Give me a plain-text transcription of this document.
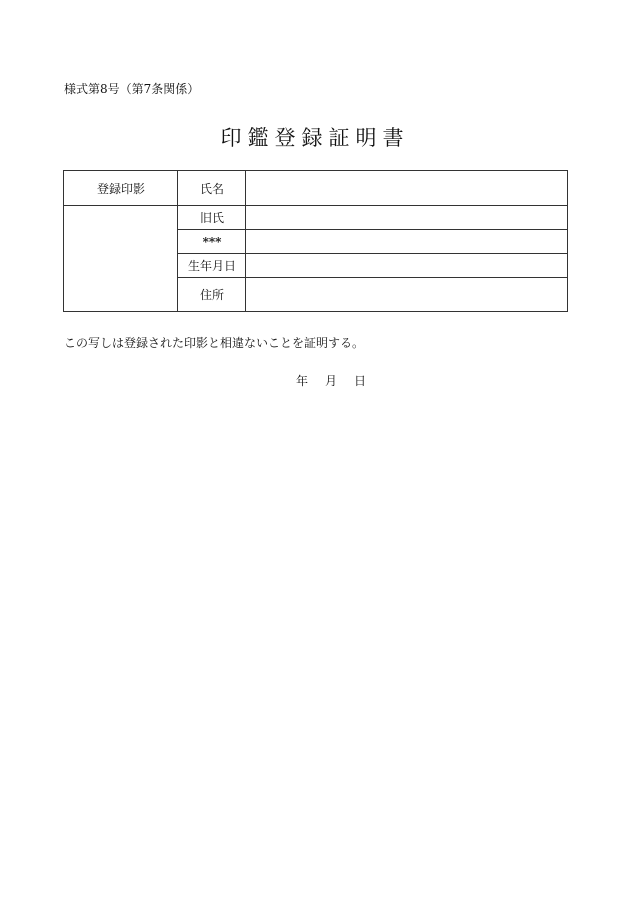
様式第8号（第7条関係）
印鑑登録証明書
登録印影	氏名
旧氏
***
生年月日
住所
この写しは登録された印影と相違ないことを証明する。
年 月 日
